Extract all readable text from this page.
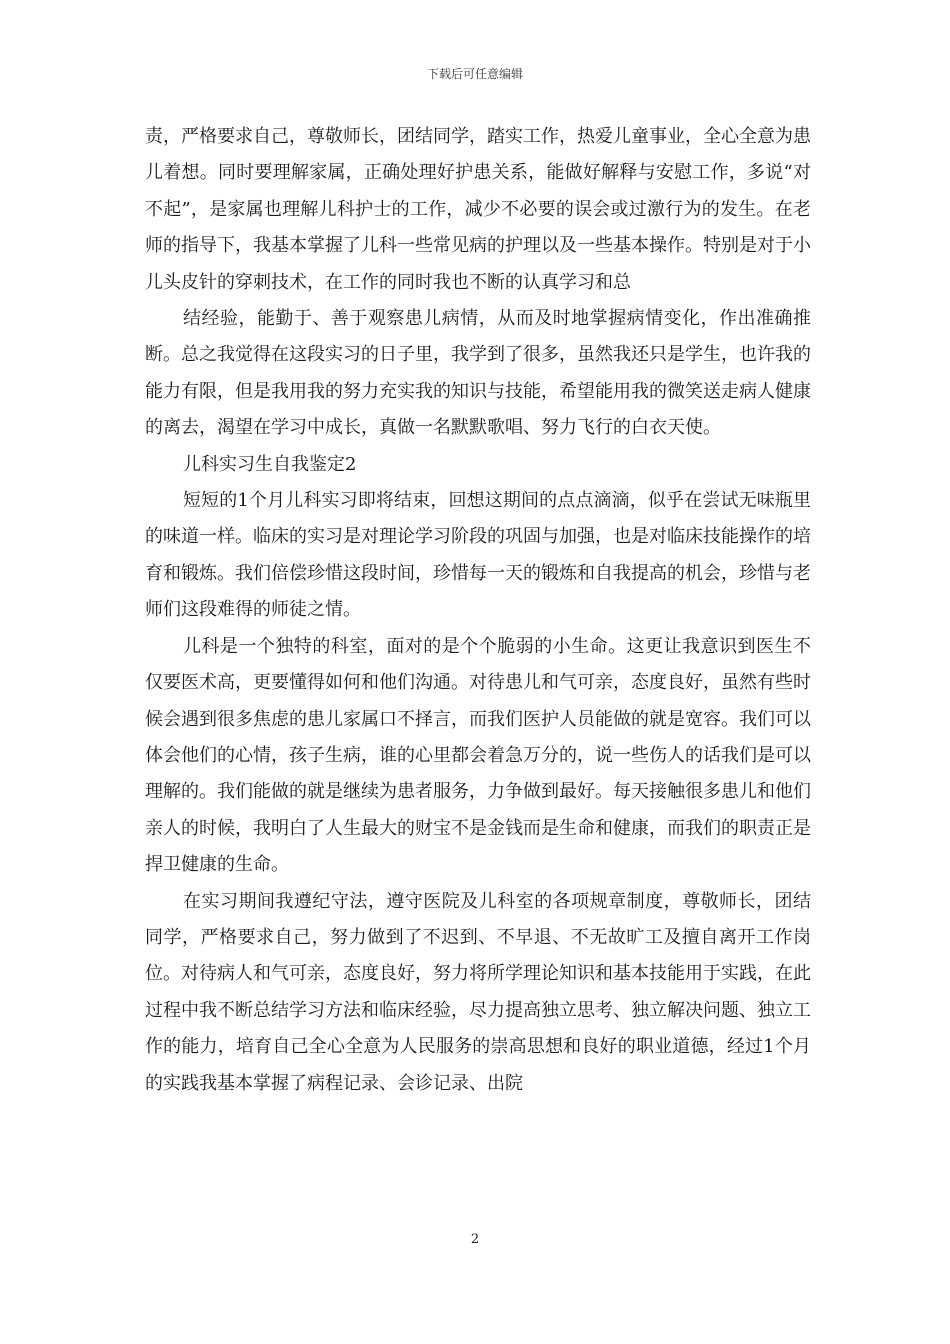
下载后可任意编辑

责，严格要求自己，尊敬师长，团结同学，踏实工作，热爱儿童事业，全心全意为患儿着想。同时要理解家属，正确处理好护患关系，能做好解释与安慰工作，多说“对不起”，是家属也理解儿科护士的工作，减少不必要的误会或过激行为的发生。在老师的指导下，我基本掌握了儿科一些常见病的护理以及一些基本操作。特别是对于小儿头皮针的穿刺技术，在工作的同时我也不断的认真学习和总

结经验，能勤于、善于观察患儿病情，从而及时地掌握病情变化，作出准确推断。总之我觉得在这段实习的日子里，我学到了很多，虽然我还只是学生，也许我的能力有限，但是我用我的努力充实我的知识与技能，希望能用我的微笑送走病人健康的离去，渴望在学习中成长，真做一名默默歌唱、努力飞行的白衣天使。

儿科实习生自我鉴定2

短短的1个月儿科实习即将结束，回想这期间的点点滴滴，似乎在尝试无味瓶里的味道一样。临床的实习是对理论学习阶段的巩固与加强，也是对临床技能操作的培育和锻炼。我们倍偿珍惜这段时间，珍惜每一天的锻炼和自我提高的机会，珍惜与老师们这段难得的师徒之情。

儿科是一个独特的科室，面对的是个个脆弱的小生命。这更让我意识到医生不仅要医术高，更要懂得如何和他们沟通。对待患儿和气可亲，态度良好，虽然有些时候会遇到很多焦虑的患儿家属口不择言，而我们医护人员能做的就是宽容。我们可以体会他们的心情，孩子生病，谁的心里都会着急万分的，说一些伤人的话我们是可以理解的。我们能做的就是继续为患者服务，力争做到最好。每天接触很多患儿和他们亲人的时候，我明白了人生最大的财宝不是金钱而是生命和健康，而我们的职责正是捍卫健康的生命。

在实习期间我遵纪守法，遵守医院及儿科室的各项规章制度，尊敬师长，团结同学，严格要求自己，努力做到了不迟到、不早退、不无故旷工及擅自离开工作岗位。对待病人和气可亲，态度良好，努力将所学理论知识和基本技能用于实践，在此过程中我不断总结学习方法和临床经验，尽力提高独立思考、独立解决问题、独立工作的能力，培育自己全心全意为人民服务的崇高思想和良好的职业道德，经过1个月的实践我基本掌握了病程记录、会诊记录、出院

2
